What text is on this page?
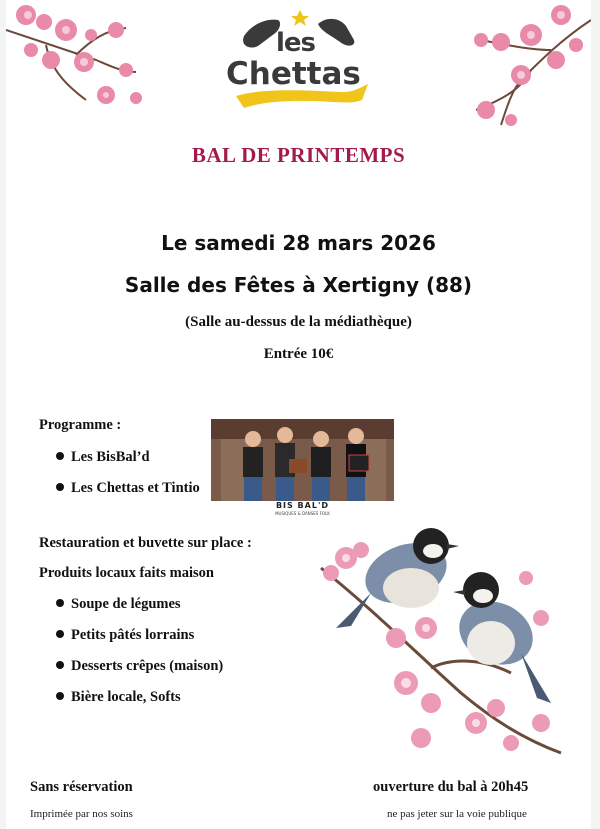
les
Chettas
BAL DE PRINTEMPS
Le samedi 28 mars 2026
Salle des Fêtes à Xertigny (88)
(Salle au-dessus de la médiathèque)
Entrée 10€
Programme :
Les BisBal’d
Les Chettas et Tintio
BIS BAL'D
MUSIQUES & DANSES FOLK
Restauration et buvette sur place :
Produits locaux faits maison
Soupe de légumes
Petits pâtés lorrains
Desserts crêpes (maison)
Bière locale, Softs
Sans réservation	ouverture du bal à 20h45
Imprimée par nos soins	ne pas jeter sur la voie publique
